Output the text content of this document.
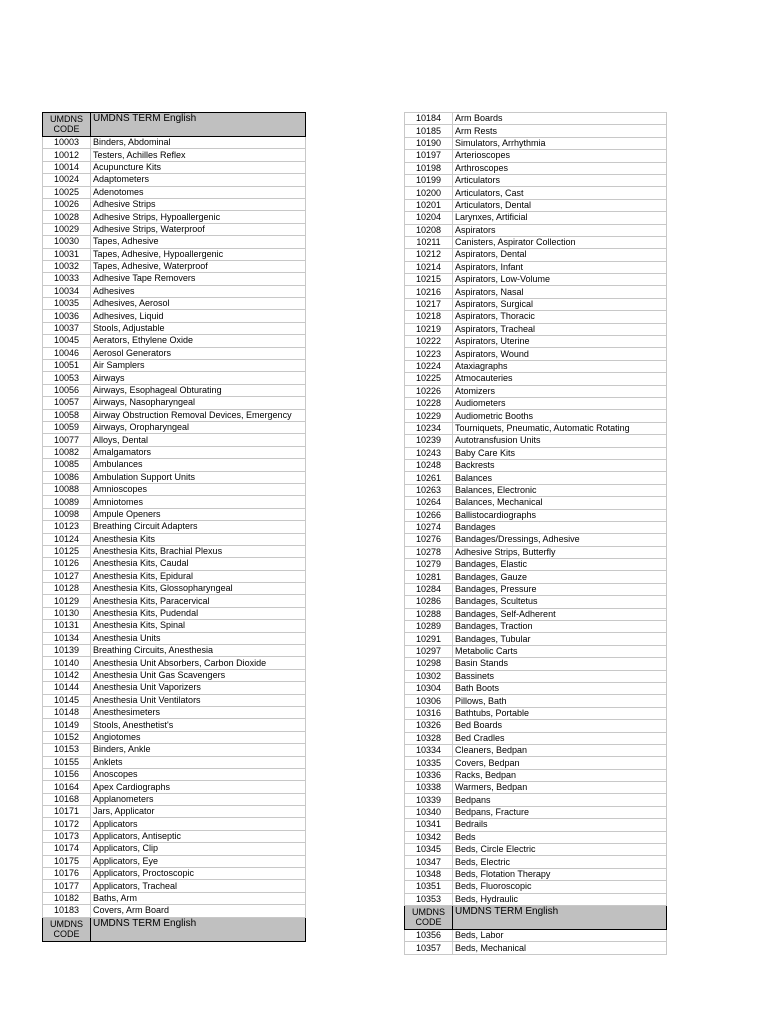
UMDNS CODE	UMDNS TERM English
10003	Binders, Abdominal
10012	Testers, Achilles Reflex
10014	Acupuncture Kits
10024	Adaptometers
10025	Adenotomes
10026	Adhesive Strips
10028	Adhesive Strips, Hypoallergenic
10029	Adhesive Strips, Waterproof
10030	Tapes, Adhesive
10031	Tapes, Adhesive, Hypoallergenic
10032	Tapes, Adhesive, Waterproof
10033	Adhesive Tape Removers
10034	Adhesives
10035	Adhesives, Aerosol
10036	Adhesives, Liquid
10037	Stools, Adjustable
10045	Aerators, Ethylene Oxide
10046	Aerosol Generators
10051	Air Samplers
10053	Airways
10056	Airways, Esophageal Obturating
10057	Airways, Nasopharyngeal
10058	Airway Obstruction Removal Devices, Emergency
10059	Airways, Oropharyngeal
10077	Alloys, Dental
10082	Amalgamators
10085	Ambulances
10086	Ambulation Support Units
10088	Amnioscopes
10089	Amniotomes
10098	Ampule Openers
10123	Breathing Circuit Adapters
10124	Anesthesia Kits
10125	Anesthesia Kits, Brachial Plexus
10126	Anesthesia Kits, Caudal
10127	Anesthesia Kits, Epidural
10128	Anesthesia Kits, Glossopharyngeal
10129	Anesthesia Kits, Paracervical
10130	Anesthesia Kits, Pudendal
10131	Anesthesia Kits, Spinal
10134	Anesthesia Units
10139	Breathing Circuits, Anesthesia
10140	Anesthesia Unit Absorbers, Carbon Dioxide
10142	Anesthesia Unit Gas Scavengers
10144	Anesthesia Unit Vaporizers
10145	Anesthesia Unit Ventilators
10148	Anesthesimeters
10149	Stools, Anesthetist's
10152	Angiotomes
10153	Binders, Ankle
10155	Anklets
10156	Anoscopes
10164	Apex Cardiographs
10168	Applanometers
10171	Jars, Applicator
10172	Applicators
10173	Applicators, Antiseptic
10174	Applicators, Clip
10175	Applicators, Eye
10176	Applicators, Proctoscopic
10177	Applicators, Tracheal
10182	Baths, Arm
10183	Covers, Arm Board
UMDNS CODE	UMDNS TERM English
10184	Arm Boards
10185	Arm Rests
10190	Simulators, Arrhythmia
10197	Arterioscopes
10198	Arthroscopes
10199	Articulators
10200	Articulators, Cast
10201	Articulators, Dental
10204	Larynxes, Artificial
10208	Aspirators
10211	Canisters, Aspirator Collection
10212	Aspirators, Dental
10214	Aspirators, Infant
10215	Aspirators, Low-Volume
10216	Aspirators, Nasal
10217	Aspirators, Surgical
10218	Aspirators, Thoracic
10219	Aspirators, Tracheal
10222	Aspirators, Uterine
10223	Aspirators, Wound
10224	Ataxiagraphs
10225	Atmocauteries
10226	Atomizers
10228	Audiometers
10229	Audiometric Booths
10234	Tourniquets, Pneumatic, Automatic Rotating
10239	Autotransfusion Units
10243	Baby Care Kits
10248	Backrests
10261	Balances
10263	Balances, Electronic
10264	Balances, Mechanical
10266	Ballistocardiographs
10274	Bandages
10276	Bandages/Dressings, Adhesive
10278	Adhesive Strips, Butterfly
10279	Bandages, Elastic
10281	Bandages, Gauze
10284	Bandages, Pressure
10286	Bandages, Scultetus
10288	Bandages, Self-Adherent
10289	Bandages, Traction
10291	Bandages, Tubular
10297	Metabolic Carts
10298	Basin Stands
10302	Bassinets
10304	Bath Boots
10306	Pillows, Bath
10316	Bathtubs, Portable
10326	Bed Boards
10328	Bed Cradles
10334	Cleaners, Bedpan
10335	Covers, Bedpan
10336	Racks, Bedpan
10338	Warmers, Bedpan
10339	Bedpans
10340	Bedpans, Fracture
10341	Bedrails
10342	Beds
10345	Beds, Circle Electric
10347	Beds, Electric
10348	Beds, Flotation Therapy
10351	Beds, Fluoroscopic
10353	Beds, Hydraulic
UMDNS CODE	UMDNS TERM English
10356	Beds, Labor
10357	Beds, Mechanical
